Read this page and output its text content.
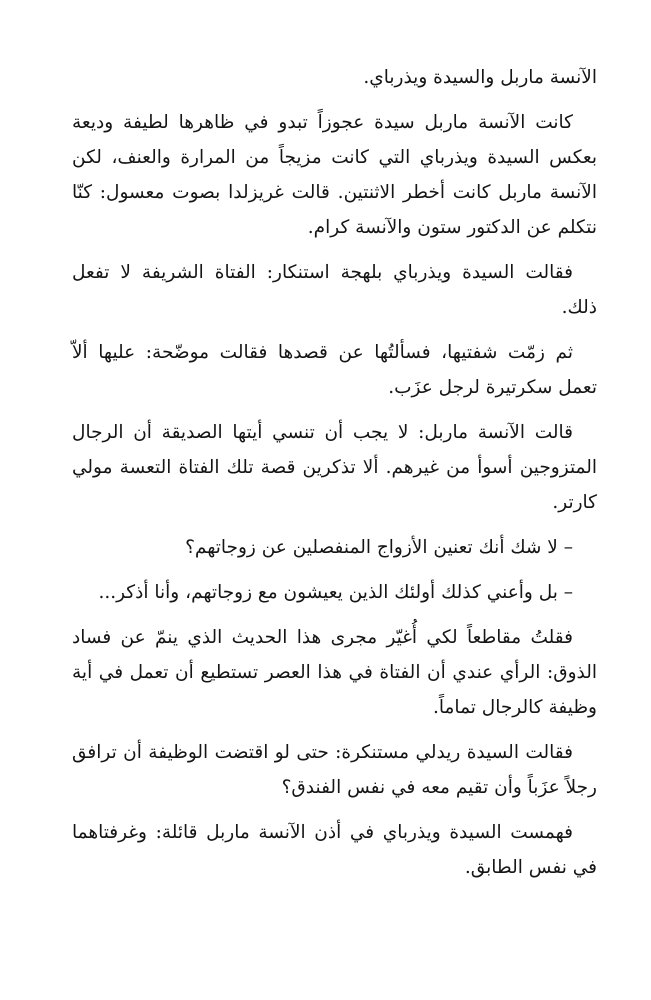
الآنسة ماربل والسيدة ويذرباي.

كانت الآنسة ماربل سيدة عجوزاً تبدو في ظاهرها لطيفة وديعة بعكس السيدة ويذرباي التي كانت مزيجاً من المرارة والعنف، لكن الآنسة ماربل كانت أخطر الاثنتين. قالت غريزلدا بصوت معسول: كنّا نتكلم عن الدكتور ستون والآنسة كرام.

فقالت السيدة ويذرباي بلهجة استنكار: الفتاة الشريفة لا تفعل ذلك.

ثم زمّت شفتيها، فسألتُها عن قصدها فقالت موضّحة: عليها ألاّ تعمل سكرتيرة لرجل عزَب.

قالت الآنسة ماربل: لا يجب أن تنسي أيتها الصديقة أن الرجال المتزوجين أسوأ من غيرهم. ألا تذكرين قصة تلك الفتاة التعسة مولي كارتر.

– لا شك أنك تعنين الأزواج المنفصلين عن زوجاتهم؟

– بل وأعني كذلك أولئك الذين يعيشون مع زوجاتهم، وأنا أذكر...

فقلتُ مقاطعاً لكي أُغيّر مجرى هذا الحديث الذي ينمّ عن فساد الذوق: الرأي عندي أن الفتاة في هذا العصر تستطيع أن تعمل في أية وظيفة كالرجال تماماً.

فقالت السيدة ريدلي مستنكرة: حتى لو اقتضت الوظيفة أن ترافق رجلاً عزَباً وأن تقيم معه في نفس الفندق؟

فهمست السيدة ويذرباي في أذن الآنسة ماربل قائلة: وغرفتاهما في نفس الطابق.
